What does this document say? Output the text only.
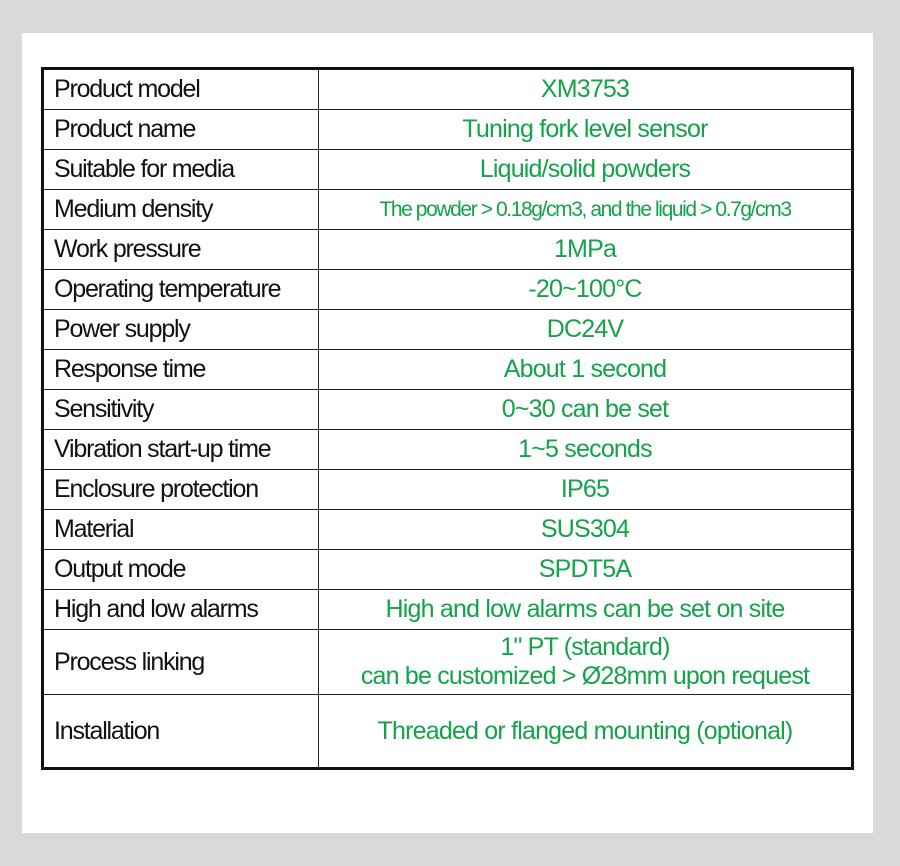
Product model	XM3753
Product name	Tuning fork level sensor
Suitable for media	Liquid/solid powders
Medium density	The powder > 0.18g/cm3, and the liquid > 0.7g/cm3
Work pressure	1MPa
Operating temperature	-20~100°C
Power supply	DC24V
Response time	About 1 second
Sensitivity	0~30 can be set
Vibration start-up time	1~5 seconds
Enclosure protection	IP65
Material	SUS304
Output mode	SPDT5A
High and low alarms	High and low alarms can be set on site
Process linking	1" PT (standard)
can be customized > Ø28mm upon request

Installation	Threaded or flanged mounting (optional)
